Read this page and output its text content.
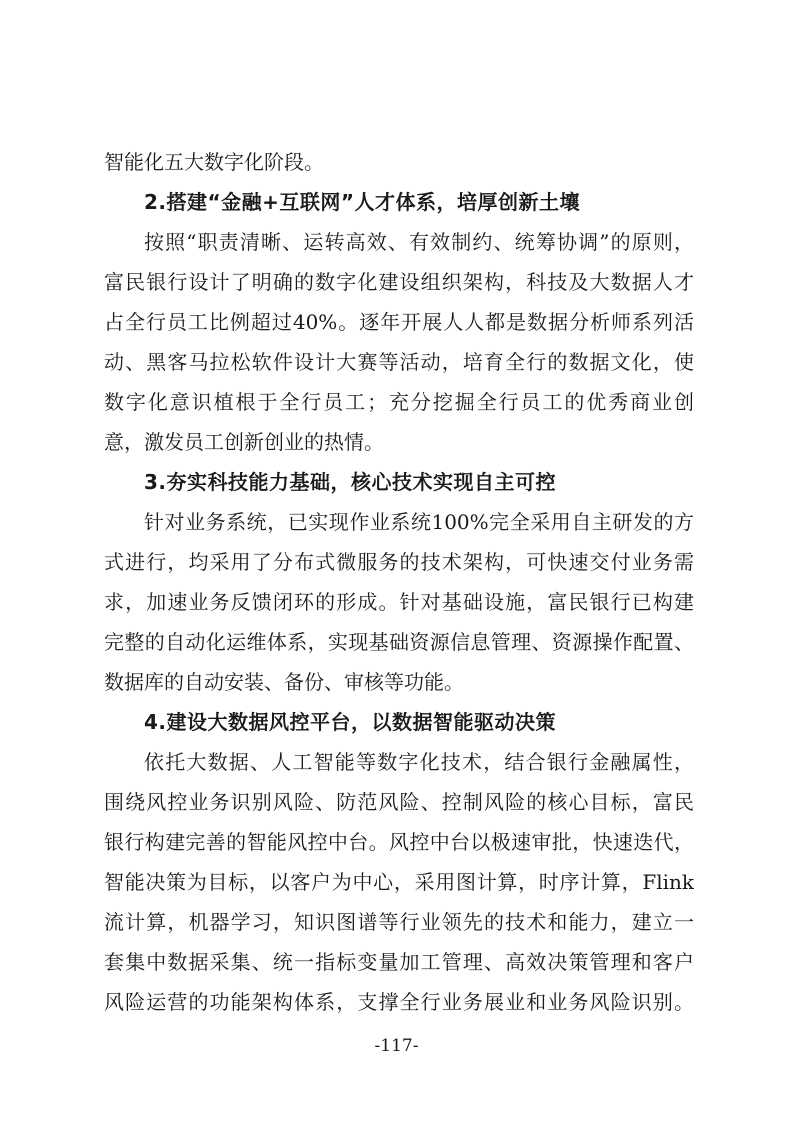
智能化五大数字化阶段。
2.搭建“金融+互联网”人才体系，培厚创新土壤
按照“职责清晰、运转高效、有效制约、统筹协调”的原则，
富民银行设计了明确的数字化建设组织架构，科技及大数据人才
占全行员工比例超过40%。逐年开展人人都是数据分析师系列活
动、黑客马拉松软件设计大赛等活动，培育全行的数据文化，使
数字化意识植根于全行员工；充分挖掘全行员工的优秀商业创
意，激发员工创新创业的热情。
3.夯实科技能力基础，核心技术实现自主可控
针对业务系统，已实现作业系统100%完全采用自主研发的方
式进行，均采用了分布式微服务的技术架构，可快速交付业务需
求，加速业务反馈闭环的形成。针对基础设施，富民银行已构建
完整的自动化运维体系，实现基础资源信息管理、资源操作配置、
数据库的自动安装、备份、审核等功能。
4.建设大数据风控平台，以数据智能驱动决策
依托大数据、人工智能等数字化技术，结合银行金融属性，
围绕风控业务识别风险、防范风险、控制风险的核心目标，富民
银行构建完善的智能风控中台。风控中台以极速审批，快速迭代，
智能决策为目标，以客户为中心，采用图计算，时序计算，Flink
流计算，机器学习，知识图谱等行业领先的技术和能力，建立一
套集中数据采集、统一指标变量加工管理、高效决策管理和客户
风险运营的功能架构体系，支撑全行业务展业和业务风险识别。
-117-
